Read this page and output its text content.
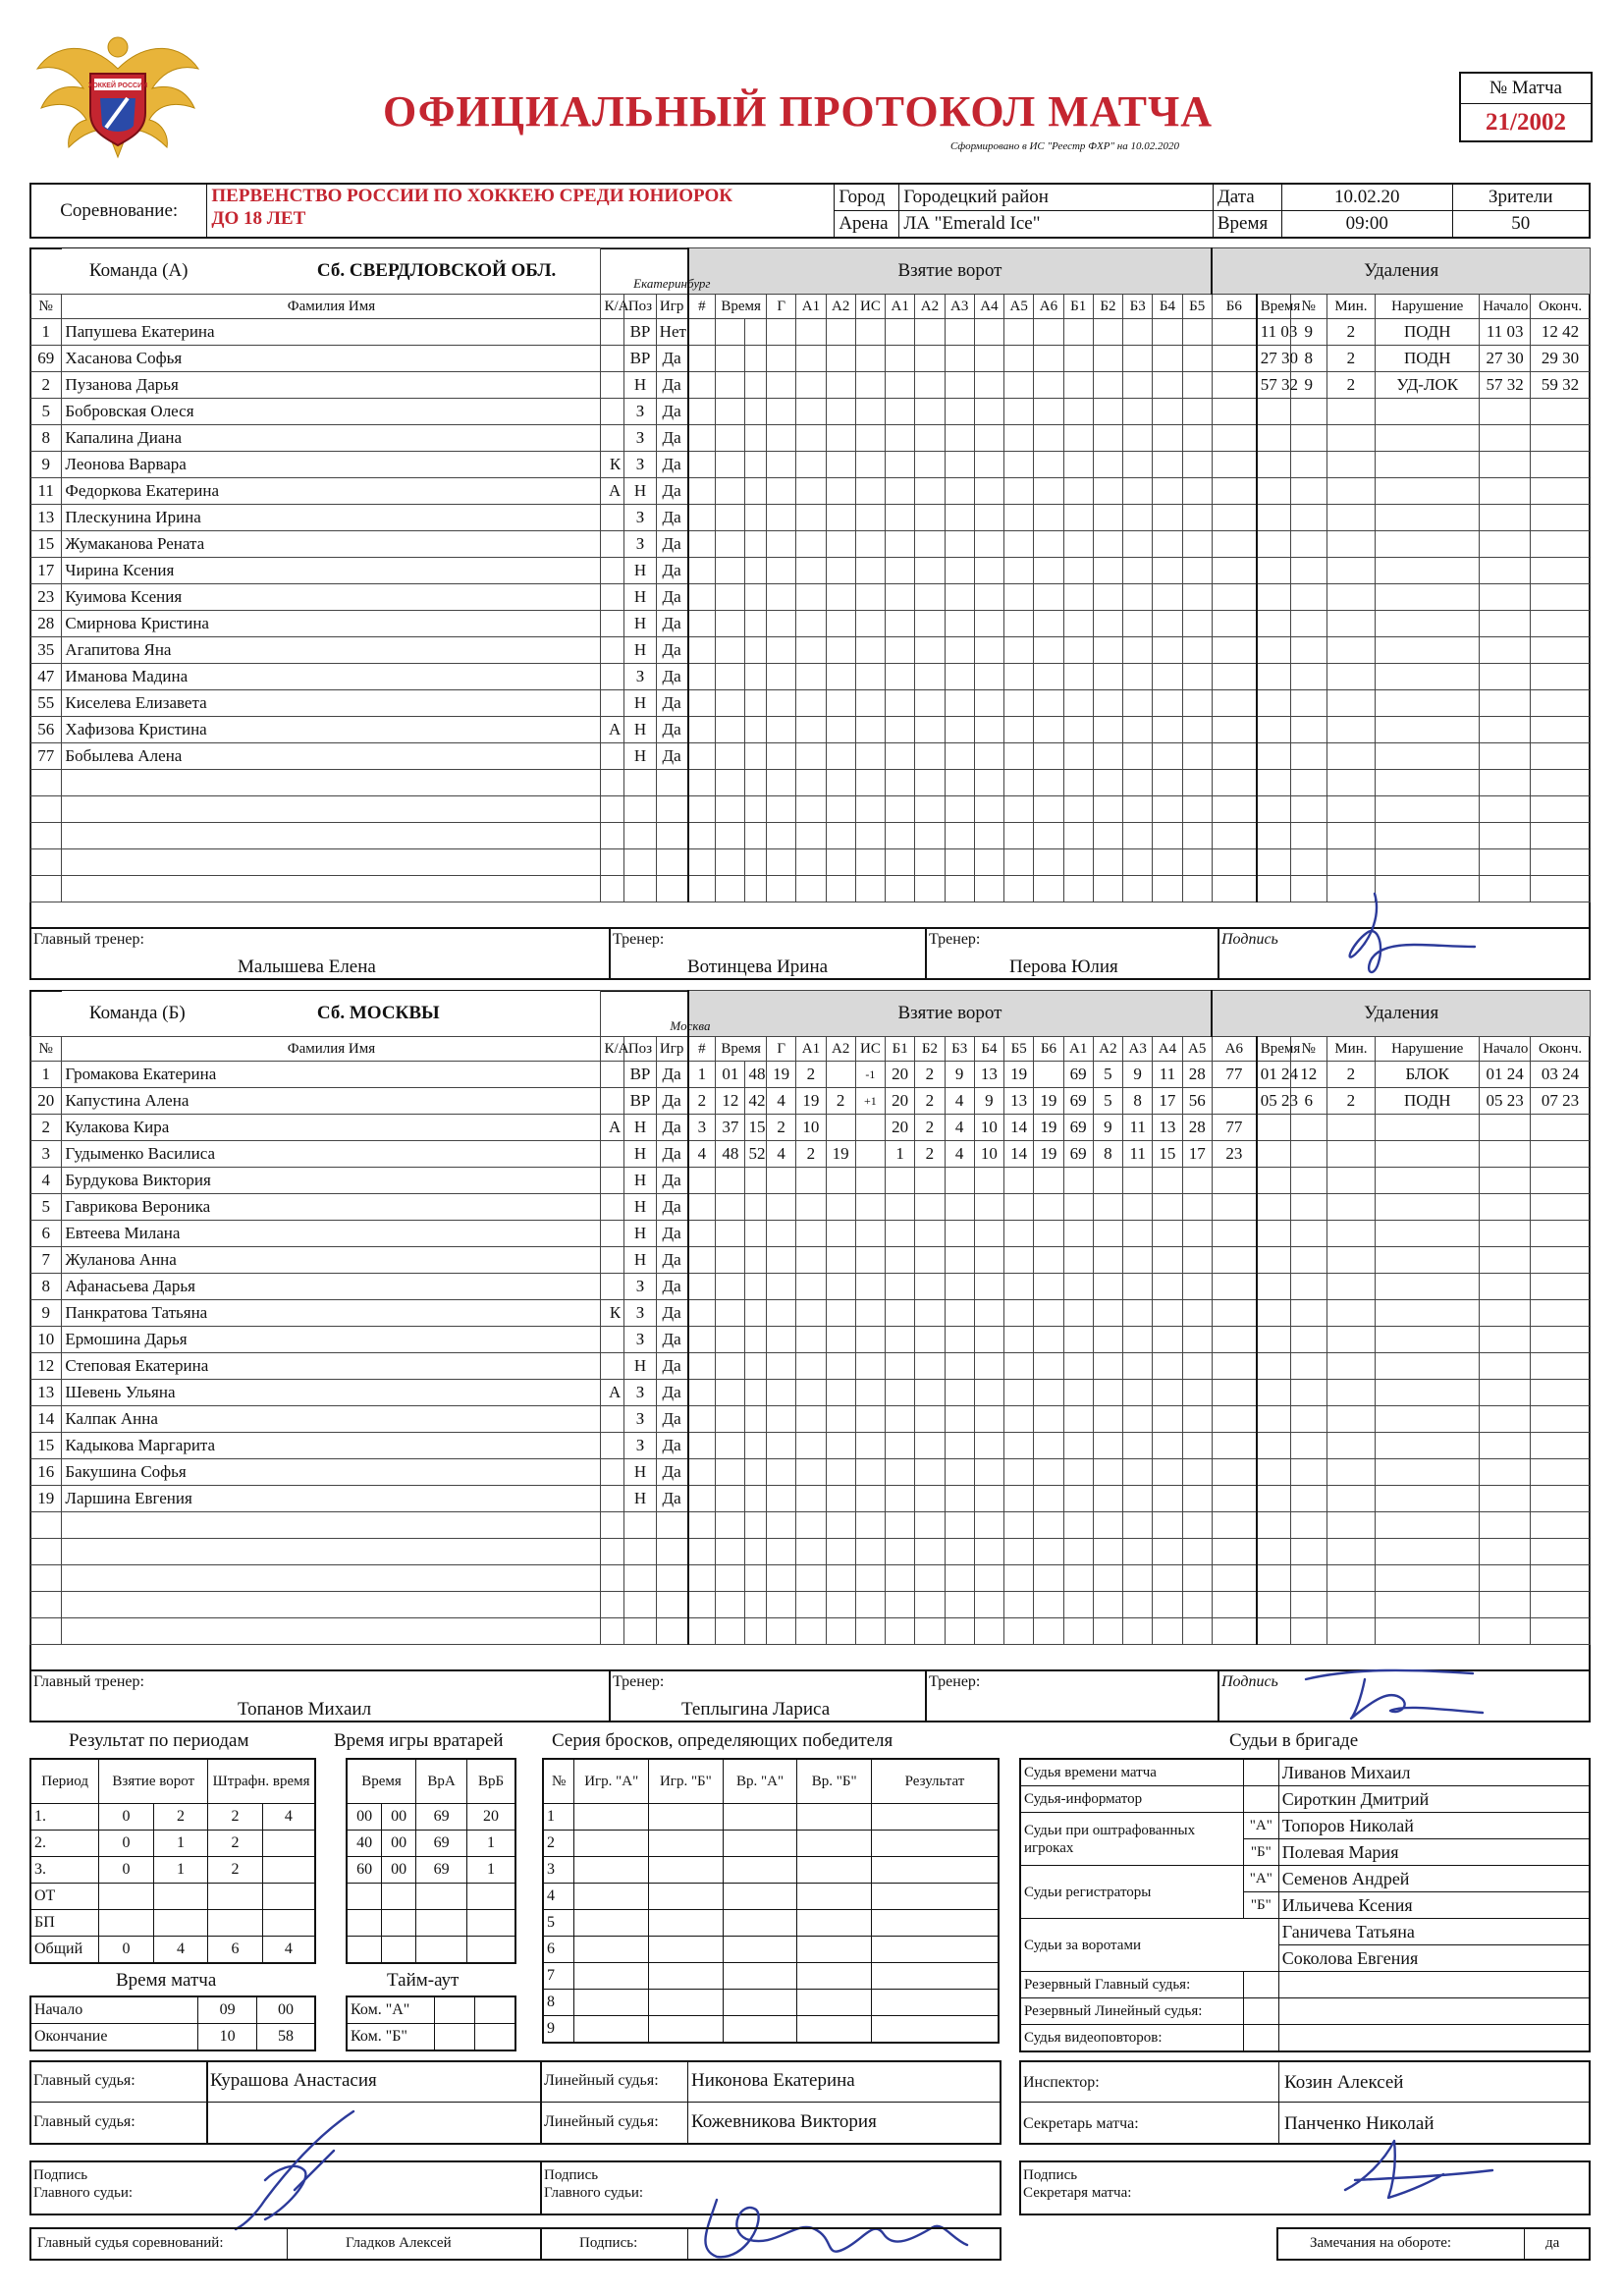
ХОККЕЙ РОССИИ
ОФИЦИАЛЬНЫЙ ПРОТОКОЛ МАТЧА
Сформировано в ИС "Реестр ФХР" на 10.02.2020
№ Матча
21/2002
Соревнование:	ПЕРВЕНСТВО РОССИИ ПО ХОККЕЮ СРЕДИ ЮНИОРОК
ДО 18 ЛЕТ	Город	Городецкий район	Дата	10.02.20	Зрители
		Арена	ЛА "Emerald Ice"	Время	09:00	50
	Команда (А) Сб. СВЕРДЛОВСКОЙ ОБЛ.
Екатеринбург				Взятие ворот																		Удаления						
№	Фамилия Имя	К/А	Поз	Игр	#	Время		Г	А1	А2	ИС	А1	А2	А3	А4	А5	А6	Б1	Б2	Б3	Б4	Б5	Б6	Время	№	Мин.	Нарушение	Начало	Оконч.
1	Папушева Екатерина		ВР	Нет																				11 03	9	2	ПОДН	11 03	12 42
69	Хасанова Софья		ВР	Да																				27 30	8	2	ПОДН	27 30	29 30
2	Пузанова Дарья		Н	Да																				57 32	9	2	УД-ЛОК	57 32	59 32
5	Бобровская Олеся		З	Да																									
8	Капалина Диана		З	Да																									
9	Леонова Варвара	К	З	Да																									
11	Федоркова Екатерина	А	Н	Да																									
13	Плескунина Ирина		З	Да																									
15	Жумаканова Рената		З	Да																									
17	Чирина Ксения		Н	Да																									
23	Куимова Ксения		Н	Да																									
28	Смирнова Кристина		Н	Да																									
35	Агапитова Яна		Н	Да																									
47	Иманова Мадина		З	Да																									
55	Киселева Елизавета		Н	Да																									
56	Хафизова Кристина	А	Н	Да																									
77	Бобылева Алена		Н	Да																									

Главный тренер:
Малышева Елена
Тренер:
Вотинцева Ирина
Тренер:
Перова Юлия
Подпись
	Команда (Б) Сб. МОСКВЫ
Москва				Взятие ворот																		Удаления						
№	Фамилия Имя	К/А	Поз	Игр	#	Время		Г	А1	А2	ИС	Б1	Б2	Б3	Б4	Б5	Б6	А1	А2	А3	А4	А5	А6	Время	№	Мин.	Нарушение	Начало	Оконч.
1	Громакова Екатерина		ВР	Да	1	01	48	19	2		-1	20	2	9	13	19		69	5	9	11	28	77	01 24	12	2	БЛОК	01 24	03 24
20	Капустина Алена		ВР	Да	2	12	42	4	19	2	+1	20	2	4	9	13	19	69	5	8	17	56		05 23	6	2	ПОДН	05 23	07 23
2	Кулакова Кира	А	Н	Да	3	37	15	2	10			20	2	4	10	14	19	69	9	11	13	28	77						
3	Гудыменко Василиса		Н	Да	4	48	52	4	2	19		1	2	4	10	14	19	69	8	11	15	17	23						
4	Бурдукова Виктория		Н	Да																									
5	Гаврикова Вероника		Н	Да																									
6	Евтеева Милана		Н	Да																									
7	Жуланова Анна		Н	Да																									
8	Афанасьева Дарья		З	Да																									
9	Панкратова Татьяна	К	З	Да																									
10	Ермошина Дарья		З	Да																									
12	Степовая Екатерина		Н	Да																									
13	Шевень Ульяна	А	З	Да																									
14	Калпак Анна		З	Да																									
15	Кадыкова Маргарита		З	Да																									
16	Бакушина Софья		Н	Да																									
19	Ларшина Евгения		Н	Да																									

Главный тренер:
Топанов Михаил
Тренер:
Теплыгина Лариса
Тренер:	Подпись
Результат по периодам
Период	Взятие ворот		Штрафн. время	
1.	0	2	2	4
2.	0	1	2	
3.	0	1	2	
ОТ				
БП				
Общий	0	4	6	4
Время игры вратарей
Время		ВрА	ВрБ
00	00	69	20
40	00	69	1
60	00	69	1

Время матча
Начало	09	00
Окончание	10	58
Тайм-аут
Ком. "А"		
Ком. "Б"		
Серия бросков, определяющих победителя
№	Игр. "А"	Игр. "Б"	Вр. "А"	Вр. "Б"	Результат
1					
2					
3					
4					
5					
6					
7					
8					
9					
Судьи в бригаде
Судья времени матча		Ливанов Михаил
Судья-информатор		Сироткин Дмитрий
Судьи при оштрафованных игроках	"А"	Топоров Николай
	"Б"	Полевая Мария
Судьи регистраторы	"А"	Семенов Андрей
	"Б"	Ильичева Ксения
Судьи за воротами		Ганичева Татьяна
		Соколова Евгения
Резервный Главный судья:		
Резервный Линейный судья:		
Судья видеоповторов:		
Главный судья:	Курашова Анастасия
Главный судья:
Линейный судья: Никонова Екатерина
Линейный судья: Кожевникова Виктория
Инспектор:	Козин Алексей
Секретарь матча:	Панченко Николай
Подпись
Главного судьи:
Подпись
Главного судьи:
Подпись
Секретаря матча:
Главный судья соревнований:	Гладков Алексей	Подпись:	Замечания на обороте:	да
